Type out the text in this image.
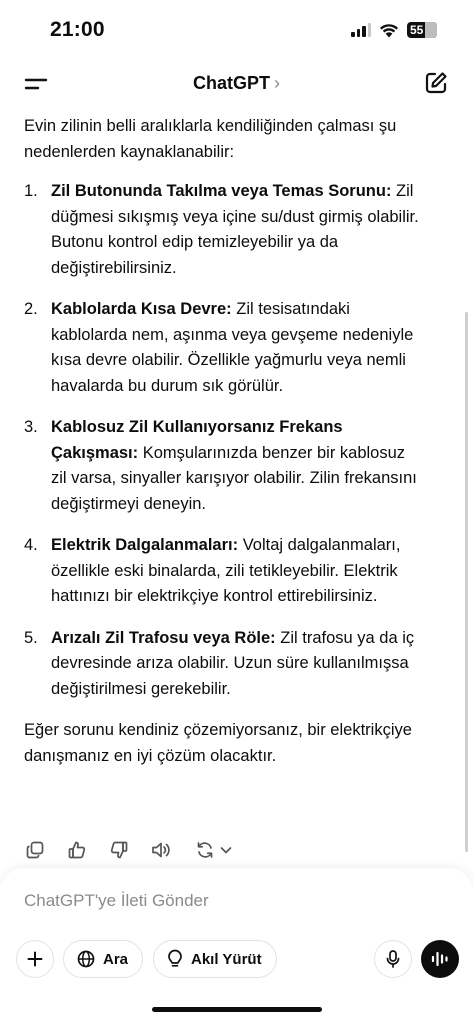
21:00	55
ChatGPT ›

Evin zilinin belli aralıklarla kendiliğinden çalması şu nedenlerden kaynaklanabilir:

1. Zil Butonunda Takılma veya Temas Sorunu: Zil düğmesi sıkışmış veya içine su/dust girmiş olabilir. Butonu kontrol edip temizleyebilir ya da değiştirebilirsiniz.
2. Kablolarda Kısa Devre: Zil tesisatındaki kablolarda nem, aşınma veya gevşeme nedeniyle kısa devre olabilir. Özellikle yağmurlu veya nemli havalarda bu durum sık görülür.
3. Kablosuz Zil Kullanıyorsanız Frekans Çakışması: Komşularınızda benzer bir kablosuz zil varsa, sinyaller karışıyor olabilir. Zilin frekansını değiştirmeyi deneyin.
4. Elektrik Dalgalanmaları: Voltaj dalgalanmaları, özellikle eski binalarda, zili tetikleyebilir. Elektrik hattınızı bir elektrikçiye kontrol ettirebilirsiniz.
5. Arızalı Zil Trafosu veya Röle: Zil trafosu ya da iç devresinde arıza olabilir. Uzun süre kullanılmışsa değiştirilmesi gerekebilir.

Eğer sorunu kendiniz çözemiyorsanız, bir elektrikçiye danışmanız en iyi çözüm olacaktır.

ChatGPT'ye İleti Gönder
Ara	Akıl Yürüt
